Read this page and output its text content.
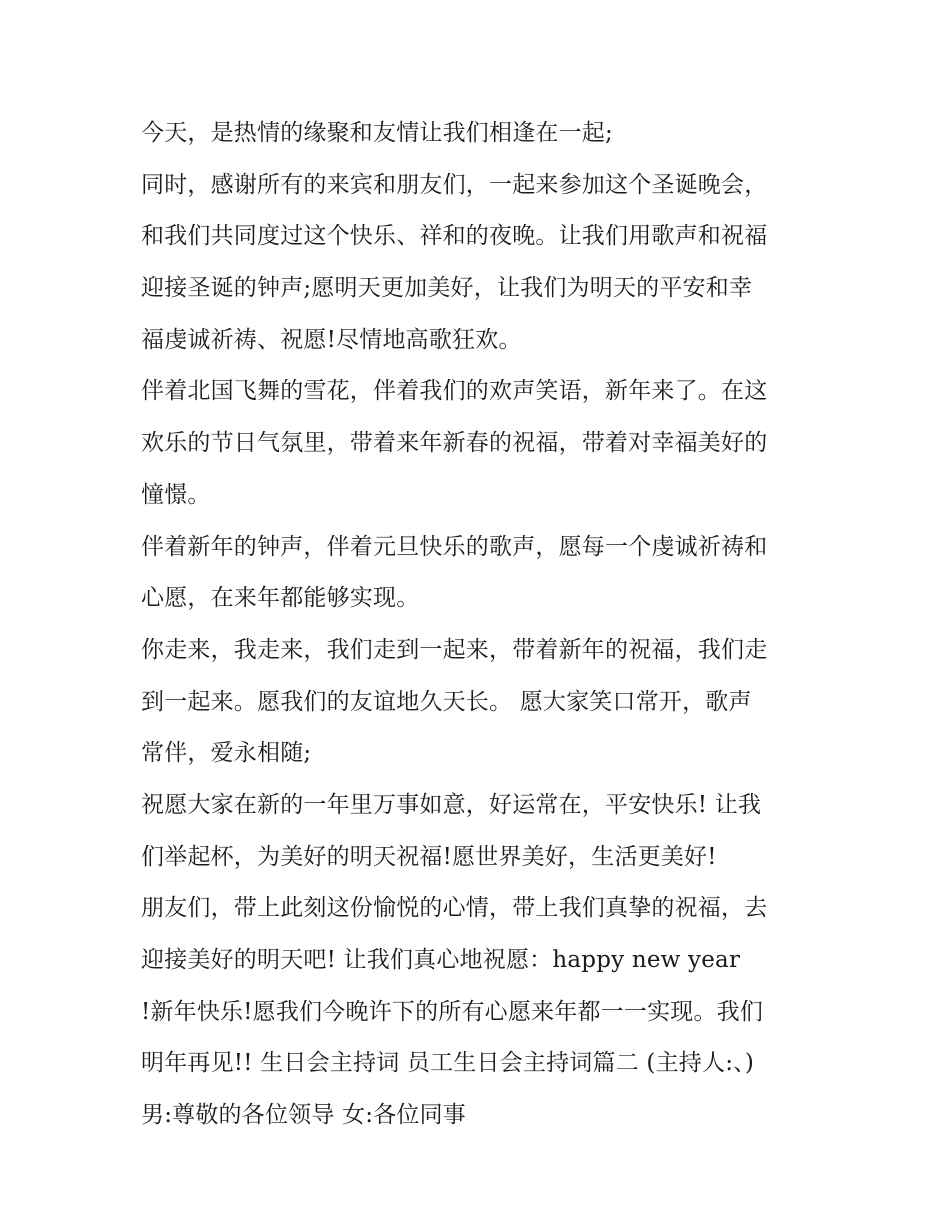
今天，是热情的缘聚和友情让我们相逢在一起;
同时，感谢所有的来宾和朋友们，一起来参加这个圣诞晚会，
和我们共同度过这个快乐、祥和的夜晚。让我们用歌声和祝福
迎接圣诞的钟声;愿明天更加美好，让我们为明天的平安和幸
福虔诚祈祷、祝愿!尽情地高歌狂欢。
伴着北国飞舞的雪花，伴着我们的欢声笑语，新年来了。在这
欢乐的节日气氛里，带着来年新春的祝福，带着对幸福美好的
憧憬。
伴着新年的钟声，伴着元旦快乐的歌声，愿每一个虔诚祈祷和
心愿，在来年都能够实现。
你走来，我走来，我们走到一起来，带着新年的祝福，我们走
到一起来。愿我们的友谊地久天长。 愿大家笑口常开，歌声
常伴，爱永相随;
祝愿大家在新的一年里万事如意，好运常在，平安快乐! 让我
们举起杯，为美好的明天祝福!愿世界美好，生活更美好!
朋友们，带上此刻这份愉悦的心情，带上我们真挚的祝福，去
迎接美好的明天吧! 让我们真心地祝愿：happy new year
!新年快乐!愿我们今晚许下的所有心愿来年都一一实现。我们
明年再见!! 生日会主持词 员工生日会主持词篇二 (主持人:、)
男:尊敬的各位领导 女:各位同事
